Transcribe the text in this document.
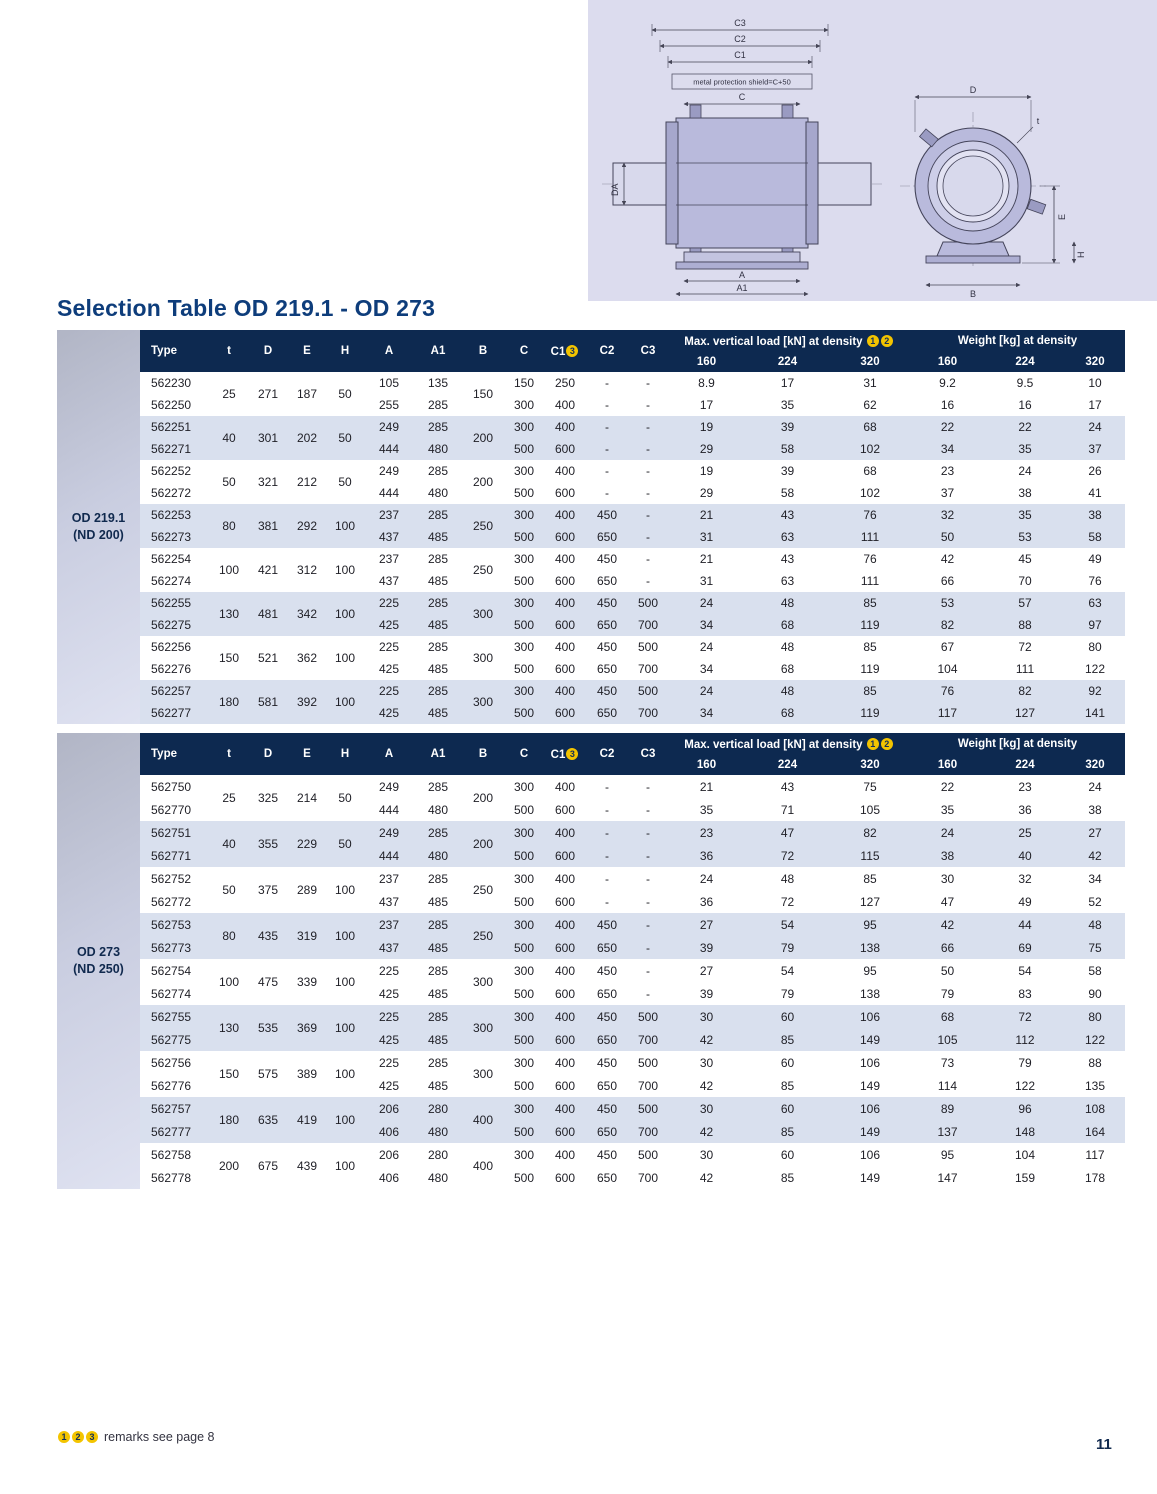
C3
C2
C1
metal protection shield=C+50
C
DA
A
A1
D
t
E
H
B
Selection Table OD 219.1 - OD 273
OD 219.1
(ND 200)
Type	t	D	E	H	A	A1	B	C	C1 3	C2	C3	Max. vertical load [kN] at density 1 2			Weight [kg] at density		
												160	224	320	160	224	320
562230	25	271	187	50	105	135	150	150	250	-	-	8.9	17	31	9.2	9.5	10
562250					255	285		300	400	-	-	17	35	62	16	16	17
562251	40	301	202	50	249	285	200	300	400	-	-	19	39	68	22	22	24
562271					444	480		500	600	-	-	29	58	102	34	35	37
562252	50	321	212	50	249	285	200	300	400	-	-	19	39	68	23	24	26
562272					444	480		500	600	-	-	29	58	102	37	38	41
562253	80	381	292	100	237	285	250	300	400	450	-	21	43	76	32	35	38
562273					437	485		500	600	650	-	31	63	111	50	53	58
562254	100	421	312	100	237	285	250	300	400	450	-	21	43	76	42	45	49
562274					437	485		500	600	650	-	31	63	111	66	70	76
562255	130	481	342	100	225	285	300	300	400	450	500	24	48	85	53	57	63
562275					425	485		500	600	650	700	34	68	119	82	88	97
562256	150	521	362	100	225	285	300	300	400	450	500	24	48	85	67	72	80
562276					425	485		500	600	650	700	34	68	119	104	111	122
562257	180	581	392	100	225	285	300	300	400	450	500	24	48	85	76	82	92
562277					425	485		500	600	650	700	34	68	119	117	127	141
OD 273
(ND 250)
Type	t	D	E	H	A	A1	B	C	C1 3	C2	C3	Max. vertical load [kN] at density 1 2			Weight [kg] at density		
												160	224	320	160	224	320
562750	25	325	214	50	249	285	200	300	400	-	-	21	43	75	22	23	24
562770					444	480		500	600	-	-	35	71	105	35	36	38
562751	40	355	229	50	249	285	200	300	400	-	-	23	47	82	24	25	27
562771					444	480		500	600	-	-	36	72	115	38	40	42
562752	50	375	289	100	237	285	250	300	400	-	-	24	48	85	30	32	34
562772					437	485		500	600	-	-	36	72	127	47	49	52
562753	80	435	319	100	237	285	250	300	400	450	-	27	54	95	42	44	48
562773					437	485		500	600	650	-	39	79	138	66	69	75
562754	100	475	339	100	225	285	300	300	400	450	-	27	54	95	50	54	58
562774					425	485		500	600	650	-	39	79	138	79	83	90
562755	130	535	369	100	225	285	300	300	400	450	500	30	60	106	68	72	80
562775					425	485		500	600	650	700	42	85	149	105	112	122
562756	150	575	389	100	225	285	300	300	400	450	500	30	60	106	73	79	88
562776					425	485		500	600	650	700	42	85	149	114	122	135
562757	180	635	419	100	206	280	400	300	400	450	500	30	60	106	89	96	108
562777					406	480		500	600	650	700	42	85	149	137	148	164
562758	200	675	439	100	206	280	400	300	400	450	500	30	60	106	95	104	117
562778					406	480		500	600	650	700	42	85	149	147	159	178
1 2 3 remarks see page 8	11
